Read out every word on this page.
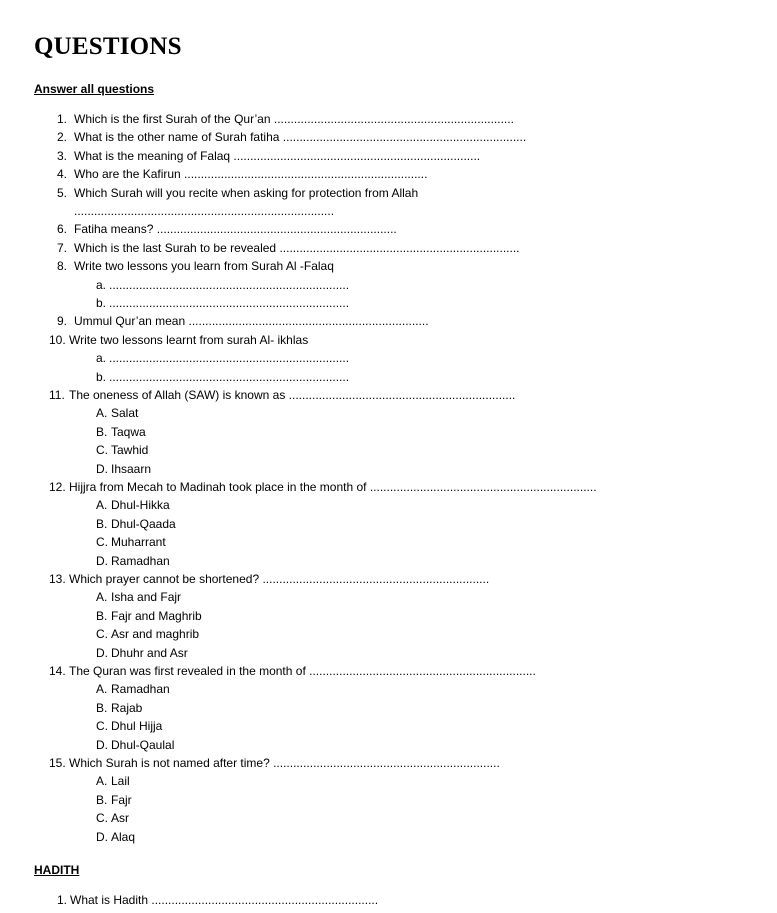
QUESTIONS
Answer all questions
1. Which is the first Surah of the Qur’an ........................................................................
2. What is the other name of Surah fatiha .........................................................................
3. What is the meaning of Falaq ..........................................................................
4. Who are the Kafirun .........................................................................
5. Which Surah will you recite when asking for protection from Allah
..............................................................................
6. Fatiha means? ........................................................................
7. Which is the last Surah to be revealed ........................................................................
8. Write two lessons you learn from Surah Al -Falaq
a. ........................................................................
b. ........................................................................
9. Ummul Qur’an mean ........................................................................
10. Write two lessons learnt from surah Al- ikhlas
a. ........................................................................
b. ........................................................................
11. The oneness of Allah (SAW) is known as ....................................................................
A. Salat
B. Taqwa
C. Tawhid
D. Ihsaarn
12. Hijjra from Mecah to Madinah took place in the month of ....................................................................
A. Dhul-Hikka
B. Dhul-Qaada
C. Muharrant
D. Ramadhan
13. Which prayer cannot be shortened? ....................................................................
A. Isha and Fajr
B. Fajr and Maghrib
C. Asr and maghrib
D. Dhuhr and Asr
14. The Quran was first revealed in the month of ....................................................................
A. Ramadhan
B. Rajab
C. Dhul Hijja
D. Dhul-Qaulal
15. Which Surah is not named after time? ....................................................................
A. Lail
B. Fajr
C. Asr
D. Alaq
HADITH
1. What is Hadith ....................................................................
